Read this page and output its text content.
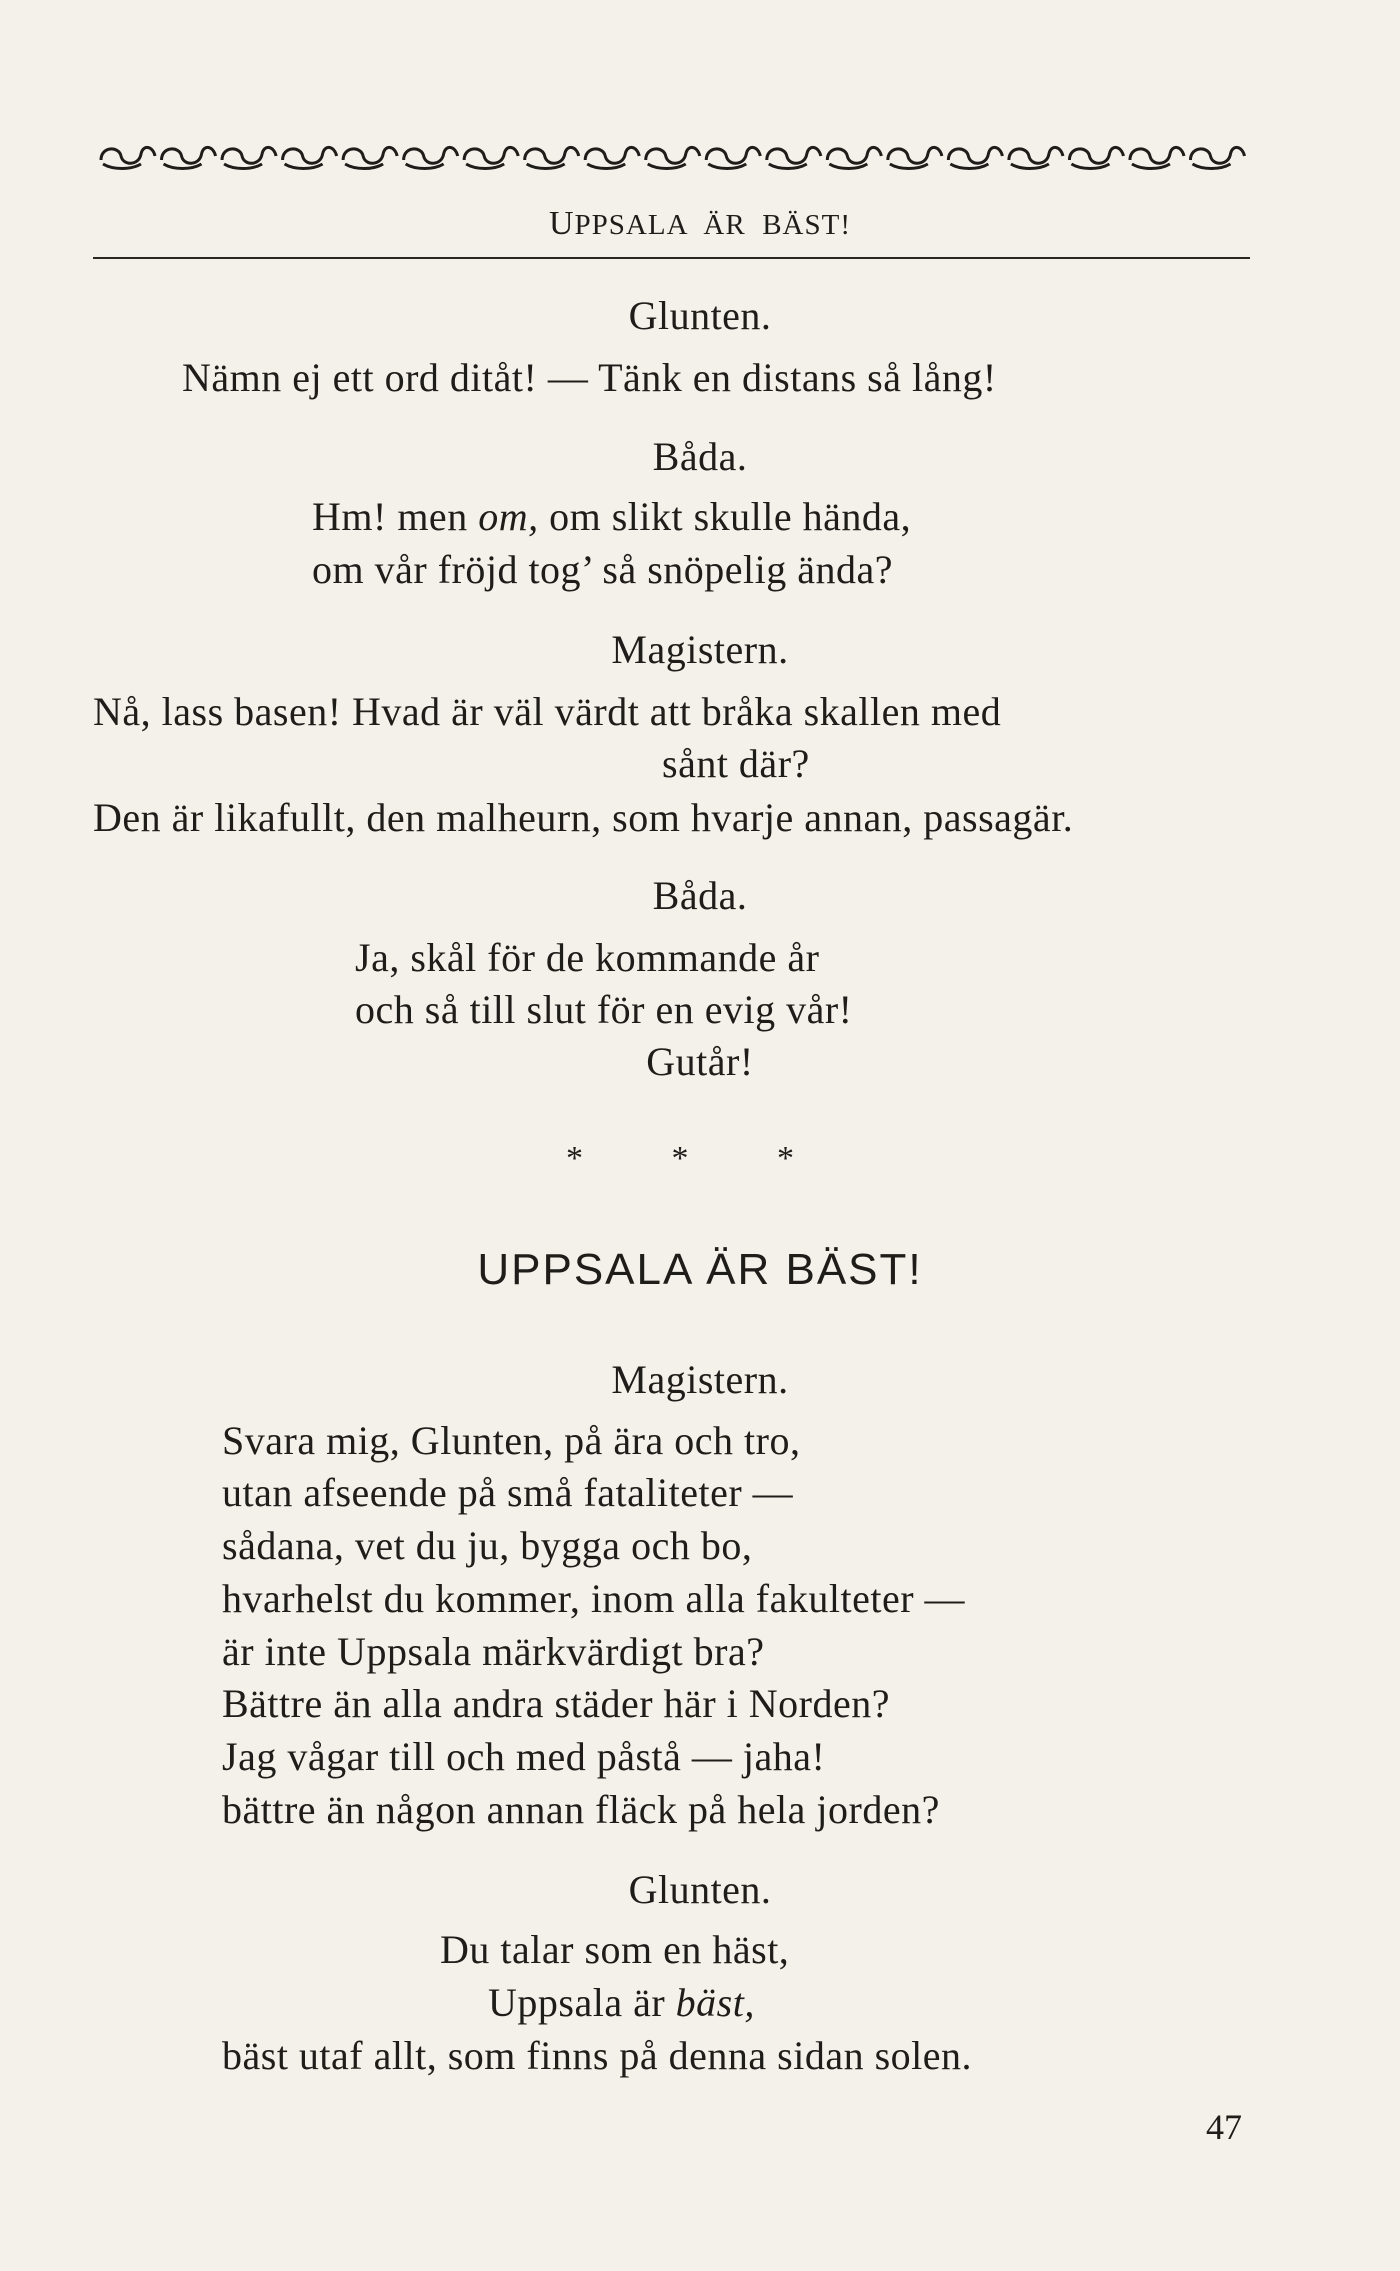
UPPSALA ÄR BÄST!
Glunten.
Nämn ej ett ord ditåt! — Tänk en distans så lång!
Båda.
Hm! men om, om slikt skulle hända,
om vår fröjd tog’ så snöpelig ända?
Magistern.
Nå, lass basen! Hvad är väl värdt att bråka skallen med
sånt där?
Den är likafullt, den malheurn, som hvarje annan, passagär.
Båda.
Ja, skål för de kommande år
och så till slut för en evig vår!
Gutår!
* * *
UPPSALA ÄR BÄST!
Magistern.
Svara mig, Glunten, på ära och tro,
utan afseende på små fataliteter —
sådana, vet du ju, bygga och bo,
hvarhelst du kommer, inom alla fakulteter —
är inte Uppsala märkvärdigt bra?
Bättre än alla andra städer här i Norden?
Jag vågar till och med påstå — jaha!
bättre än någon annan fläck på hela jorden?
Glunten.
Du talar som en häst,
Uppsala är bäst,
bäst utaf allt, som finns på denna sidan solen.
47
